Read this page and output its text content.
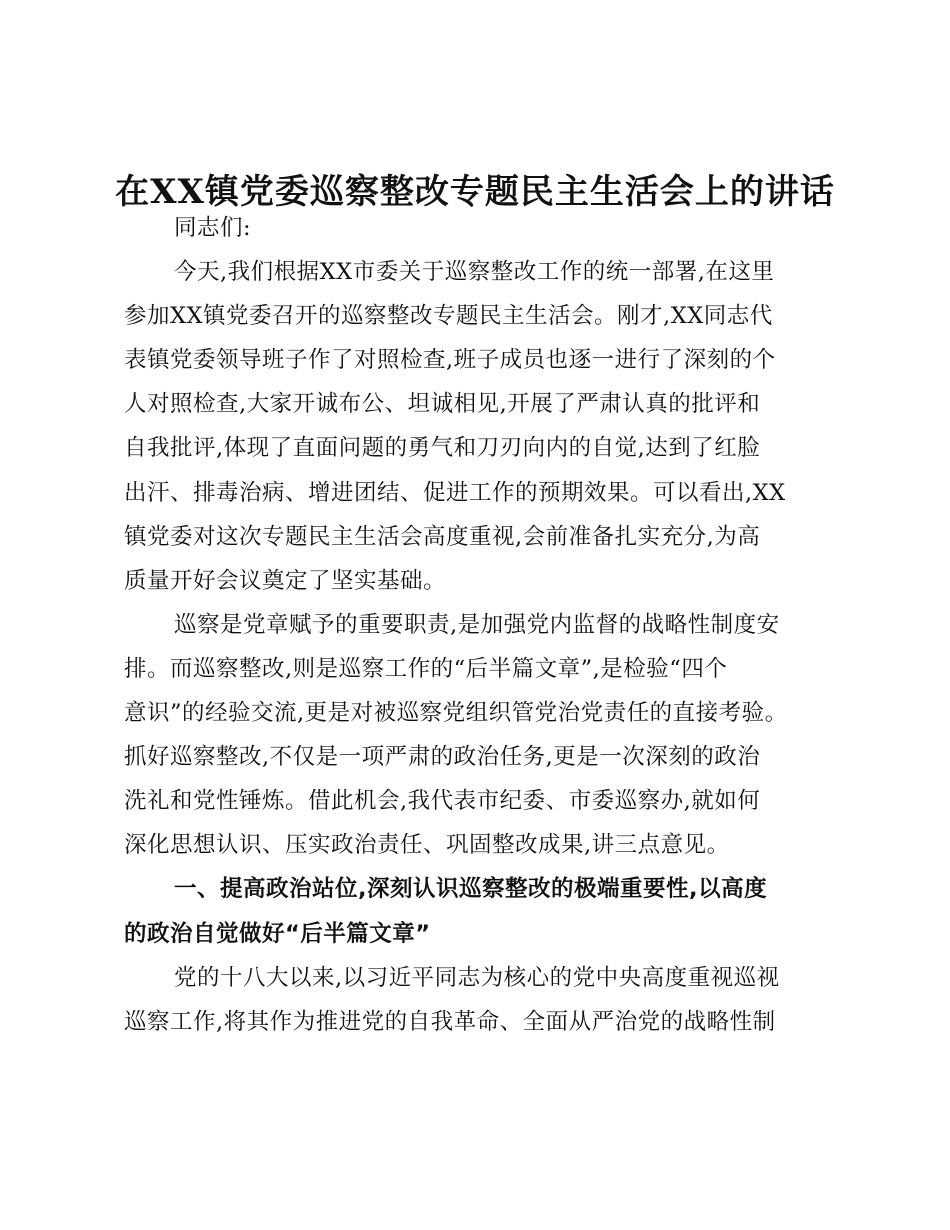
在XX镇党委巡察整改专题民主生活会上的讲话
同志们:
今天,我们根据XX市委关于巡察整改工作的统一部署,在这里
参加XX镇党委召开的巡察整改专题民主生活会。刚才,XX同志代
表镇党委领导班子作了对照检查,班子成员也逐一进行了深刻的个
人对照检查,大家开诚布公、坦诚相见,开展了严肃认真的批评和
自我批评,体现了直面问题的勇气和刀刃向内的自觉,达到了红脸
出汗、排毒治病、增进团结、促进工作的预期效果。可以看出,XX
镇党委对这次专题民主生活会高度重视,会前准备扎实充分,为高
质量开好会议奠定了坚实基础。
巡察是党章赋予的重要职责,是加强党内监督的战略性制度安
排。而巡察整改,则是巡察工作的“后半篇文章”,是检验“四个
意识”的经验交流,更是对被巡察党组织管党治党责任的直接考验。
抓好巡察整改,不仅是一项严肃的政治任务,更是一次深刻的政治
洗礼和党性锤炼。借此机会,我代表市纪委、市委巡察办,就如何
深化思想认识、压实政治责任、巩固整改成果,讲三点意见。
一、提高政治站位,深刻认识巡察整改的极端重要性,以高度
的政治自觉做好“后半篇文章”
党的十八大以来,以习近平同志为核心的党中央高度重视巡视
巡察工作,将其作为推进党的自我革命、全面从严治党的战略性制
